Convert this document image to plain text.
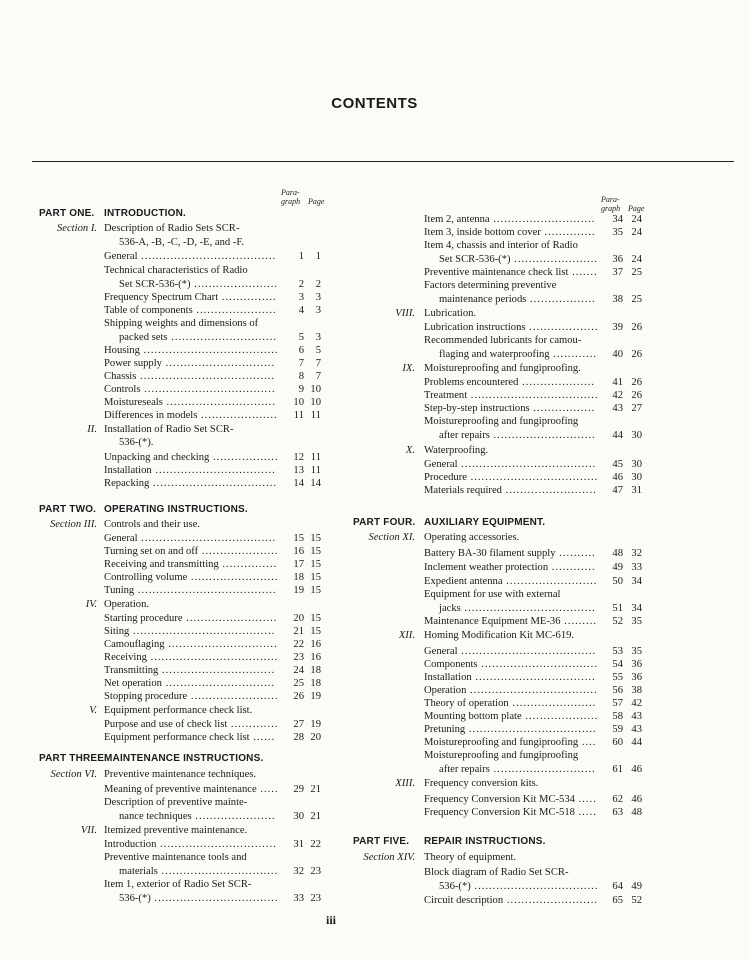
CONTENTS
Para-
graph Page	Para-
graph Page
PART ONE. INTRODUCTION.
Section I. Description of Radio Sets SCR-
536-A, -B, -C, -D, -E, and -F.
General .....................................	1	1
Technical characteristics of Radio
Set SCR-536-(*) .......................	2	2
Frequency Spectrum Chart ...............	3	3
Table of components ......................	4	3
Shipping weights and dimensions of
packed sets .............................	5	3
Housing .....................................	6	5
Power supply ..............................	7	7
Chassis .....................................	8	7
Controls ....................................	9 10
Moistureseals ..............................	10 10
Differences in models .....................	11 11
II. Installation of Radio Set SCR-
536-(*).
Unpacking and checking ..................	12 11
Installation .................................	13 11
Repacking ..................................	14 14
PART TWO. OPERATING INSTRUCTIONS.
Section III. Controls and their use.
General .....................................	15 15
Turning set on and off .....................	16 15
Receiving and transmitting ...............	17 15
Controlling volume ........................	18 15
Tuning ......................................	19 15
IV. Operation.
Starting procedure .........................	20 15
Siting .......................................	21 15
Camouflaging ..............................	22 16
Receiving ...................................	23 16
Transmitting ...............................	24 18
Net operation ..............................	25 18
Stopping procedure ........................	26 19
V. Equipment performance check list.
Purpose and use of check list .............	27 19
Equipment performance check list ......	28 20
PART THREE.
MAINTENANCE INSTRUCTIONS.
Section VI. Preventive maintenance techniques.
Meaning of preventive maintenance .....	29 21
Description of preventive mainte-
nance techniques ......................	30 21
VII. Itemized preventive maintenance.
Introduction ................................	31 22
Preventive maintenance tools and
materials ................................	32 23
Item 1, exterior of Radio Set SCR-
536-(*) ..................................	33 23
Item 2, antenna ............................	34 24
Item 3, inside bottom cover ..............	35 24
Item 4, chassis and interior of Radio
Set SCR-536-(*) .......................	36 24
Preventive maintenance check list .......	37 25
Factors determining preventive
maintenance periods ..................	38 25
VIII. Lubrication.
Lubrication instructions ...................	39 26
Recommended lubricants for camou-
flaging and waterproofing ............	40 26
IX. Moistureproofing and fungiproofing.
Problems encountered ....................	41 26
Treatment ...................................	42 26
Step-by-step instructions .................	43 27
Moistureproofing and fungiproofing
after repairs ............................	44 30
X. Waterproofing.
General .....................................	45 30
Procedure ...................................	46 30
Materials required .........................	47 31
PART FOUR. AUXILIARY EQUIPMENT.
Section XI. Operating accessories.
Battery BA-30 filament supply ..........	48 32
Inclement weather protection ............	49 33
Expedient antenna .........................	50 34
Equipment for use with external
jacks ....................................	51 34
Maintenance Equipment ME-36 .........	52 35
XII. Homing Modification Kit MC-619.
General .....................................	53 35
Components ................................	54 36
Installation .................................	55 36
Operation ...................................	56 38
Theory of operation .......................	57 42
Mounting bottom plate ....................	58 43
Pretuning ...................................	59 43
Moistureproofing and fungiproofing ....	60 44
Moistureproofing and fungiproofing
after repairs ............................	61 46
XIII. Frequency conversion kits.
Frequency Conversion Kit MC-534 .....	62 46
Frequency Conversion Kit MC-518 .....	63 48
PART FIVE. REPAIR INSTRUCTIONS.
Section XIV. Theory of equipment.
Block diagram of Radio Set SCR-
536-(*) ..................................	64 49
Circuit description .........................	65 52
iii
